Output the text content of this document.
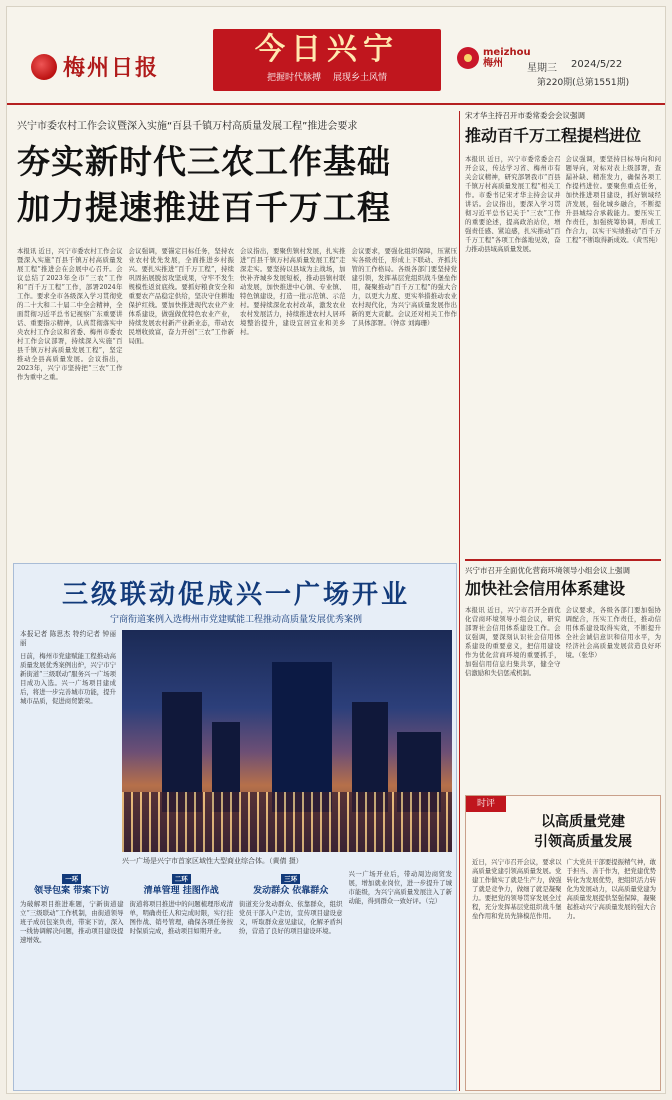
梅州日报
今日兴宁
把握时代脉搏 展现乡土风情
meizhou
梅州	星期三 2024/5/22
第220期(总第1551期)
兴宁市委农村工作会议暨深入实施“百县千镇万村高质量发展工程”推进会要求
夯实新时代三农工作基础
加力提速推进百千万工程
本报讯 近日，兴宁市委农村工作会议暨深入实施“百县千镇万村高质量发展工程”推进会在会展中心召开。会议总结了2023年全市“三农”工作和“百千万工程”工作，部署2024年工作。要求全市各级深入学习贯彻党的二十大和二十届二中全会精神，全面贯彻习近平总书记视察广东重要讲话、重要指示精神，认真贯彻落实中央农村工作会议和省委、梅州市委农村工作会议部署，持续深入实施“百县千镇万村高质量发展工程”，坚定推动全县高质量发展。会议指出，2023年，兴宁市坚持把“三农”工作作为重中之重。
会议强调，要锚定目标任务，坚持农业农村优先发展，全面推进乡村振兴。要扎实推进“百千万工程”，持续巩固拓展脱贫攻坚成果，守牢不发生规模性返贫底线。要抓好粮食安全和重要农产品稳定供给，坚决守住耕地保护红线。要加快推进现代农业产业体系建设，做强做优特色农业产业，持续发展农村新产业新业态，带动农民增收致富，奋力开创“三农”工作新局面。
会议指出，要聚焦镇村发展，扎实推进“百县千镇万村高质量发展工程”走深走实。要坚持以县域为主战场，加快补齐城乡发展短板，推动县镇村联动发展，加快推进中心镇、专业镇、特色镇建设，打造一批示范镇、示范村。要持续深化农村改革，激发农业农村发展活力，持续推进农村人居环境整治提升，建设宜居宜业和美乡村。
会议要求，要强化组织保障，压紧压实各级责任，形成上下联动、齐抓共管的工作格局。各级各部门要坚持党建引领，发挥基层党组织战斗堡垒作用，凝聚推动“百千万工程”的强大合力，以更大力度、更实举措推动农业农村现代化，为兴宁高质量发展作出新的更大贡献。会议还对相关工作作了具体部署。（钟彦 刘海珊）
宋才华主持召开市委常委会会议强调
推动百千万工程提档进位
本报讯 近日，兴宁市委常委会召开会议，传达学习省、梅州市有关会议精神，研究部署我市“百县千镇万村高质量发展工程”相关工作。市委书记宋才华主持会议并讲话。会议指出，要深入学习贯彻习近平总书记关于“三农”工作的重要论述，提高政治站位，增强责任感、紧迫感，扎实推动“百千万工程”各项工作落地见效，奋力推动县域高质量发展。
会议强调，要坚持目标导向和问题导向，对标对表上级部署，查漏补缺、精准发力，确保各项工作提档进位。要聚焦重点任务，加快推进项目建设，抓好镇域经济发展，强化城乡融合，不断提升县城综合承载能力。要压实工作责任，加强统筹协调，形成工作合力，以实干实绩推动“百千万工程”不断取得新成效。（黄雪纯）
兴宁市召开全面优化营商环境领导小组会议上强调
加快社会信用体系建设
本报讯 近日，兴宁市召开全面优化营商环境领导小组会议，研究部署社会信用体系建设工作。会议强调，要深刻认识社会信用体系建设的重要意义，把信用建设作为优化营商环境的重要抓手，加强信用信息归集共享，健全守信激励和失信惩戒机制。
会议要求，各级各部门要加强协调配合，压实工作责任，推动信用体系建设取得实效，不断提升全社会诚信意识和信用水平，为经济社会高质量发展营造良好环境。（张华）
时评
以高质量党建
引领高质量发展
近日，兴宁市召开会议，要求以高质量党建引领高质量发展。党建工作做实了就是生产力，做强了就是竞争力，做细了就是凝聚力。要把党的领导贯穿发展全过程，充分发挥基层党组织战斗堡垒作用和党员先锋模范作用。
广大党员干部要提振精气神，敢于担当、善于作为，把党建优势转化为发展优势，把组织活力转化为发展动力，以高质量党建为高质量发展提供坚强保障，凝聚起推动兴宁高质量发展的强大合力。
三级联动促成兴一广场开业
宁商衔道案例入选梅州市党建赋能工程推动高质量发展优秀案例
本报记者 陈思杰 特约记者 钟丽丽
日前，梅州市党建赋能工程推动高质量发展优秀案例出炉，兴宁市宁新街道“三级联动”服务兴一广场项目成功入选。兴一广场项目建成后，将进一步完善城市功能，提升城市品质，促进商贸繁荣。
兴一广场是兴宁市首家区域性大型商业综合体。（黄倩 摄）
一环
领导包案 带案下访
为破解项目推进难题，宁新街道建立“三级联动”工作机制，由街道领导班子成员包案负责，带案下访，深入一线协调解决问题，推动项目建设提速增效。
二环
清单管理 挂图作战
街道将项目推进中的问题梳理形成清单，明确责任人和完成时限，实行挂图作战、销号管理，确保各项任务按时保质完成，推动项目如期开业。
三环
发动群众 依靠群众
街道充分发动群众、依靠群众，组织党员干部入户走访，宣传项目建设意义，听取群众意见建议，化解矛盾纠纷，营造了良好的项目建设环境。
兴一广场开业后，带动周边商贸发展，增加就业岗位，进一步提升了城市能级，为兴宁高质量发展注入了新动能，得到群众一致好评。（完）
